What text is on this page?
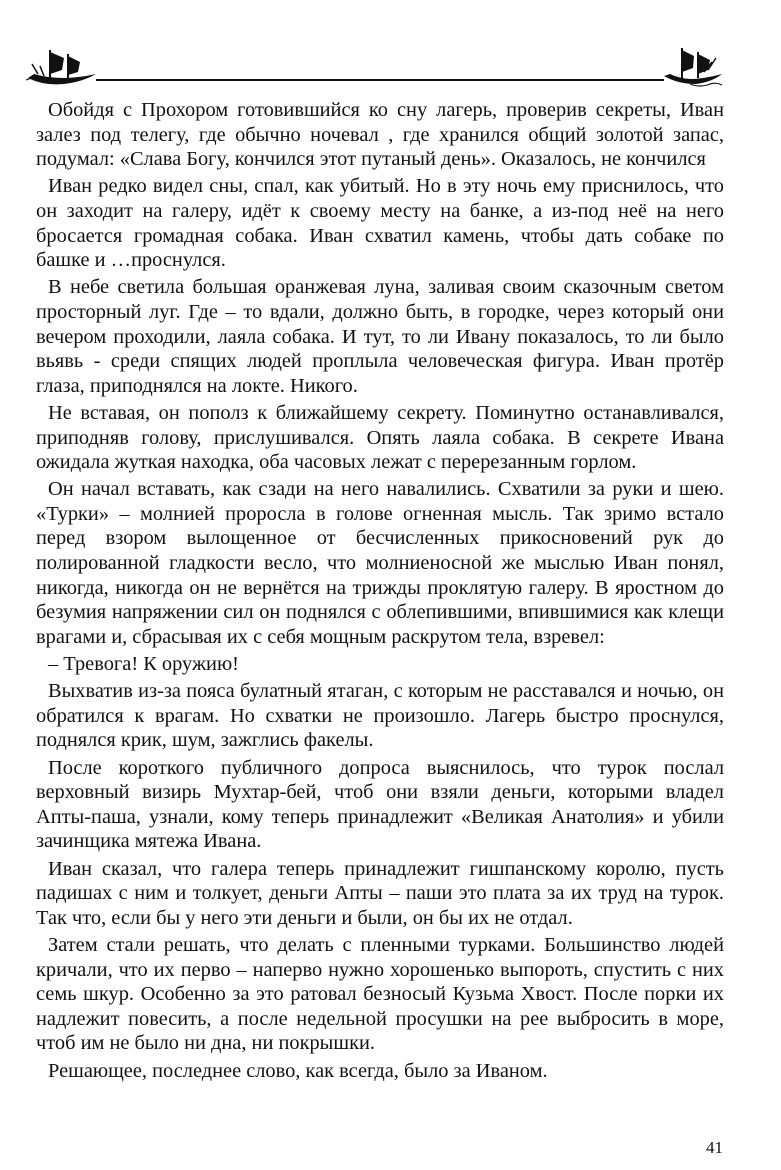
Обойдя с Прохором готовившийся ко сну лагерь, проверив секреты, Иван залез под телегу, где обычно ночевал , где хранился общий золотой запас, подумал: «Слава Богу, кончился этот путаный день». Оказалось, не кончился

Иван редко видел сны, спал, как убитый. Но в эту ночь ему приснилось, что он заходит на галеру, идёт к своему месту на банке, а из-под неё на него бросается громадная собака. Иван схватил камень, чтобы дать собаке по башке и …проснулся.

В небе светила большая оранжевая луна, заливая своим сказочным светом просторный луг. Где – то вдали, должно быть, в городке, через который они вечером проходили, лаяла собака. И тут, то ли Ивану показалось, то ли было вьявь - среди спящих людей проплыла человеческая фигура. Иван протёр глаза, приподнялся на локте. Никого.

Не вставая, он пополз к ближайшему секрету. Поминутно останавливался, приподняв голову, прислушивался. Опять лаяла собака. В секрете Ивана ожидала жуткая находка, оба часовых лежат с перерезанным горлом.

Он начал вставать, как сзади на него навалились. Схватили за руки и шею. «Турки» – молнией проросла в голове огненная мысль. Так зримо встало перед взором вылощенное от бесчисленных прикосновений рук до полированной гладкости весло, что молниеносной же мыслью Иван понял, никогда, никогда он не вернётся на трижды проклятую галеру. В яростном до безумия напряжении сил он поднялся с облепившими, впившимися как клещи врагами и, сбрасывая их с себя мощным раскрутом тела, взревел:

– Тревога! К оружию!

Выхватив из-за пояса булатный ятаган, с которым не расставался и ночью, он обратился к врагам. Но схватки не произошло. Лагерь быстро проснулся, поднялся крик, шум, зажглись факелы.

После короткого публичного допроса выяснилось, что турок послал верховный визирь Мухтар-бей, чтоб они взяли деньги, которыми владел Апты-паша, узнали, кому теперь принадлежит «Великая Анатолия» и убили зачинщика мятежа Ивана.

Иван сказал, что галера теперь принадлежит гишпанскому королю, пусть падишах с ним и толкует, деньги Апты – паши это плата за их труд на турок. Так что, если бы у него эти деньги и были, он бы их не отдал.

Затем стали решать, что делать с пленными турками. Большинство людей кричали, что их перво – наперво нужно хорошенько выпороть, спустить с них семь шкур. Особенно за это ратовал безносый Кузьма Хвост. После порки их надлежит повесить, а после недельной просушки на рее выбросить в море, чтоб им не было ни дна, ни покрышки.

Решающее, последнее слово, как всегда, было за Иваном.

41
